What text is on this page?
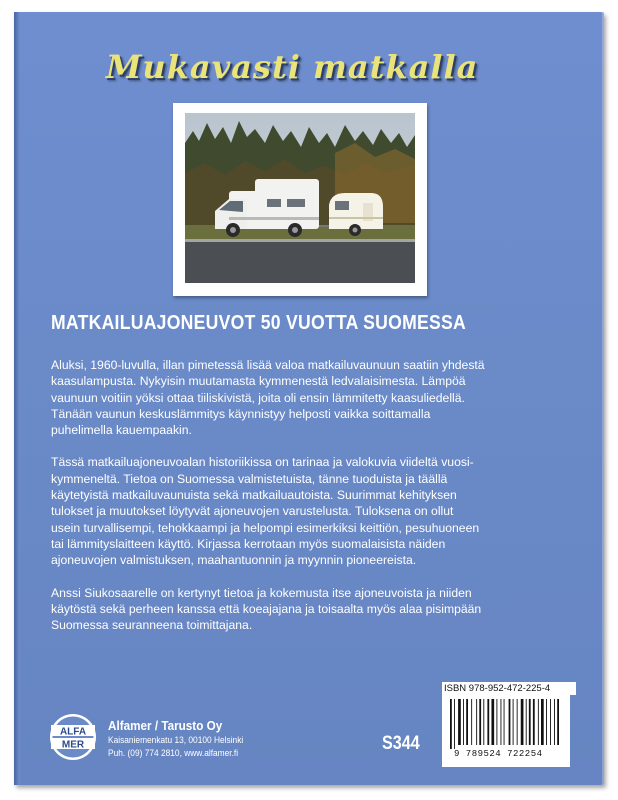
Mukavasti matkalla
MATKAILUAJONEUVOT 50 VUOTTA SUOMESSA

Aluksi, 1960-luvulla, illan pimetessä lisää valoa matkailuvaunuun saatiin yhdestä
kaasulampusta. Nykyisin muutamasta kymmenestä ledvalaisimesta. Lämpöä
vaunuun voitiin yöksi ottaa tiiliskivistä, joita oli ensin lämmitetty kaasuliedellä.
Tänään vaunun keskuslämmitys käynnistyy helposti vaikka soittamalla
puhelimella kauempaakin.

Tässä matkailuajoneuvoalan historiikissa on tarinaa ja valokuvia viideltä vuosi-
kymmeneltä. Tietoa on Suomessa valmistetuista, tänne tuoduista ja täällä
käytetyistä matkailuvaunuista sekä matkailuautoista. Suurimmat kehityksen
tulokset ja muutokset löytyvät ajoneuvojen varustelusta. Tuloksena on ollut
usein turvallisempi, tehokkaampi ja helpompi esimerkiksi keittiön, pesuhuoneen
tai lämmityslaitteen käyttö. Kirjassa kerrotaan myös suomalaisista näiden
ajoneuvojen valmistuksen, maahantuonnin ja myynnin pioneereista.

Anssi Siukosaarelle on kertynyt tietoa ja kokemusta itse ajoneuvoista ja niiden
käytöstä sekä perheen kanssa että koeajajana ja toisaalta myös alaa pisimpään
Suomessa seuranneena toimittajana.

ALFA
MER
Alfamer / Tarusto Oy
Kaisaniemenkatu 13, 00100 Helsinki
Puh. (09) 774 2810, www.alfamer.fi	S344	9 789524 722254
ISBN 978-952-472-225-4
